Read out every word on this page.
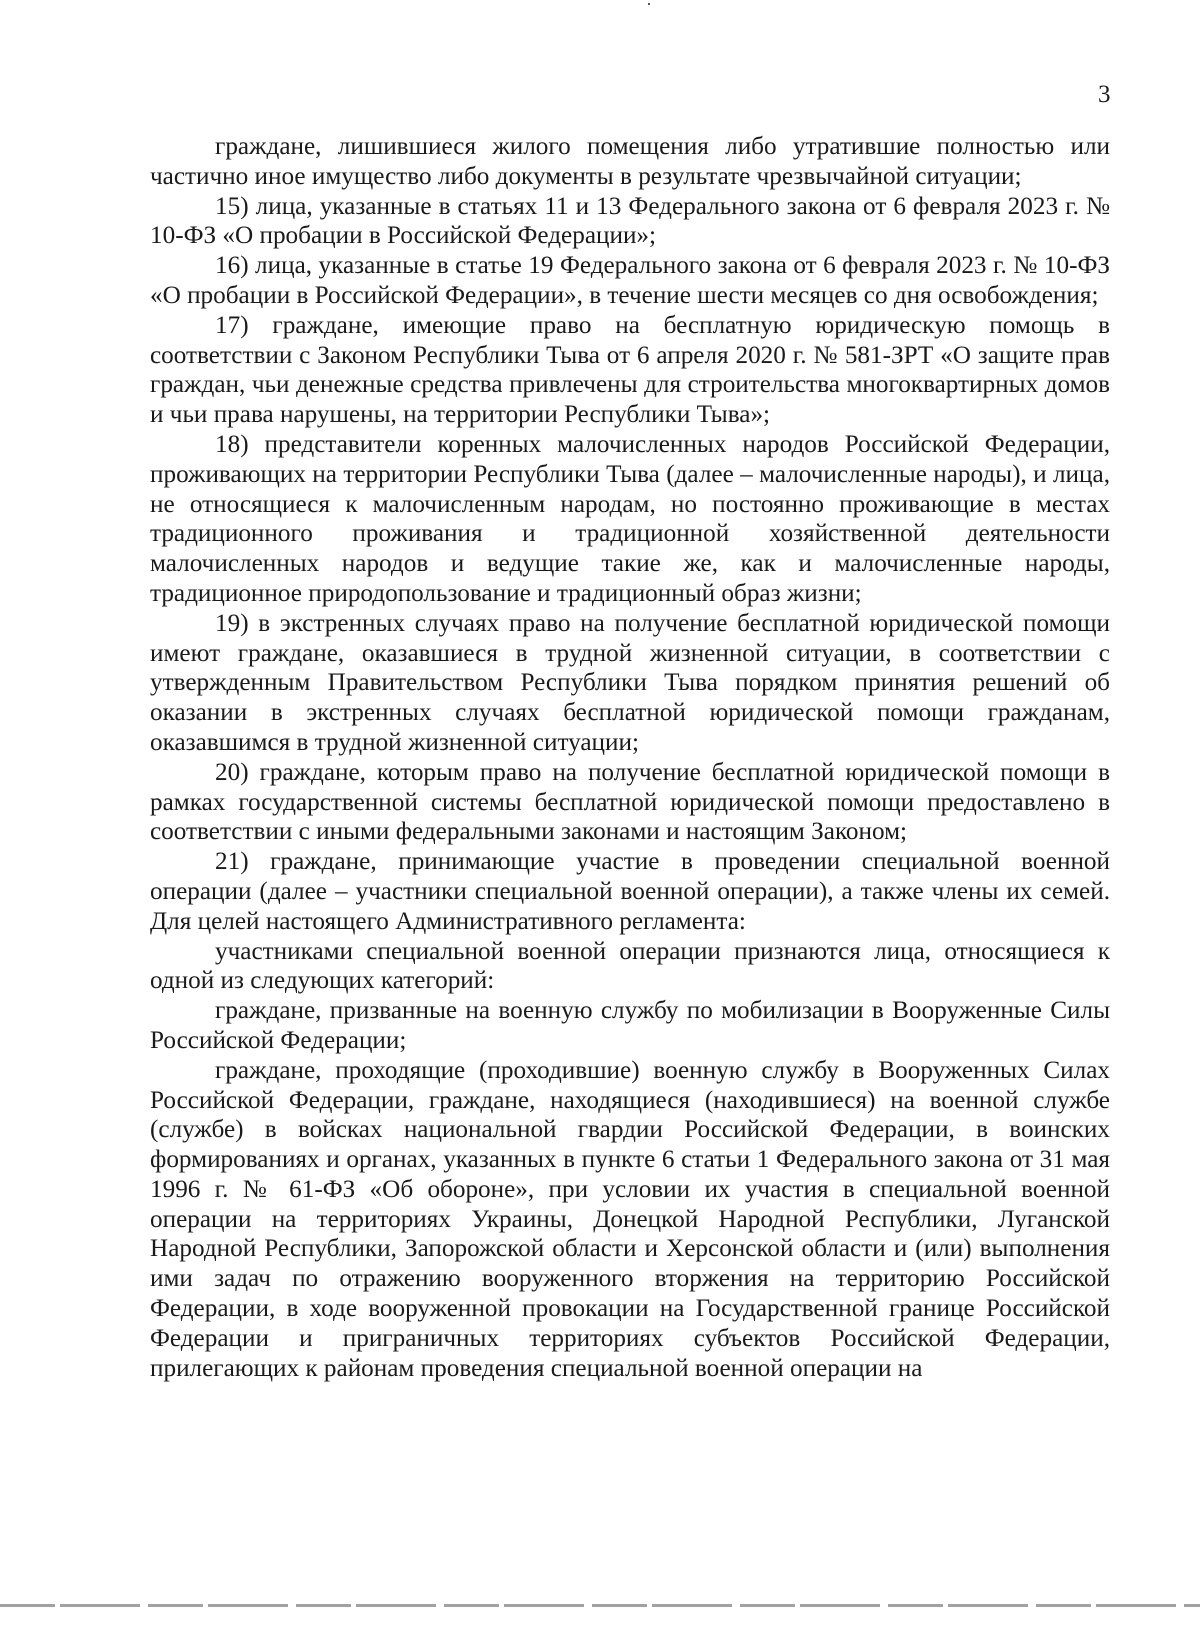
3

граждане, лишившиеся жилого помещения либо утратившие полностью или частично иное имущество либо документы в результате чрезвычайной ситуации;

15) лица, указанные в статьях 11 и 13 Федерального закона от 6 февраля 2023 г. № 10-ФЗ «О пробации в Российской Федерации»;

16) лица, указанные в статье 19 Федерального закона от 6 февраля 2023 г. № 10-ФЗ «О пробации в Российской Федерации», в течение шести месяцев со дня освобождения;

17) граждане, имеющие право на бесплатную юридическую помощь в соответствии с Законом Республики Тыва от 6 апреля 2020 г. № 581-ЗРТ «О защите прав граждан, чьи денежные средства привлечены для строительства многоквартирных домов и чьи права нарушены, на территории Республики Тыва»;

18) представители коренных малочисленных народов Российской Федерации, проживающих на территории Республики Тыва (далее – малочисленные народы), и лица, не относящиеся к малочисленным народам, но постоянно проживающие в местах традиционного проживания и традиционной хозяйственной деятельности малочисленных народов и ведущие такие же, как и малочисленные народы, традиционное природопользование и традиционный образ жизни;

19) в экстренных случаях право на получение бесплатной юридической помощи имеют граждане, оказавшиеся в трудной жизненной ситуации, в соответствии с утвержденным Правительством Республики Тыва порядком принятия решений об оказании в экстренных случаях бесплатной юридической помощи гражданам, оказавшимся в трудной жизненной ситуации;

20) граждане, которым право на получение бесплатной юридической помощи в рамках государственной системы бесплатной юридической помощи предоставлено в соответствии с иными федеральными законами и настоящим Законом;

21) граждане, принимающие участие в проведении специальной военной операции (далее – участники специальной военной операции), а также члены их семей. Для целей настоящего Административного регламента:

участниками специальной военной операции признаются лица, относящиеся к одной из следующих категорий:

граждане, призванные на военную службу по мобилизации в Вооруженные Силы Российской Федерации;

граждане, проходящие (проходившие) военную службу в Вооруженных Силах Российской Федерации, граждане, находящиеся (находившиеся) на военной службе (службе) в войсках национальной гвардии Российской Федерации, в воинских формированиях и органах, указанных в пункте 6 статьи 1 Федерального закона от 31 мая 1996 г. № 61-ФЗ «Об обороне», при условии их участия в специальной военной операции на территориях Украины, Донецкой Народной Республики, Луганской Народной Республики, Запорожской области и Херсонской области и (или) выполнения ими задач по отражению вооруженного вторжения на территорию Российской Федерации, в ходе вооруженной провокации на Государственной границе Российской Федерации и приграничных территориях субъектов Российской Федерации, прилегающих к районам проведения специальной военной операции на
